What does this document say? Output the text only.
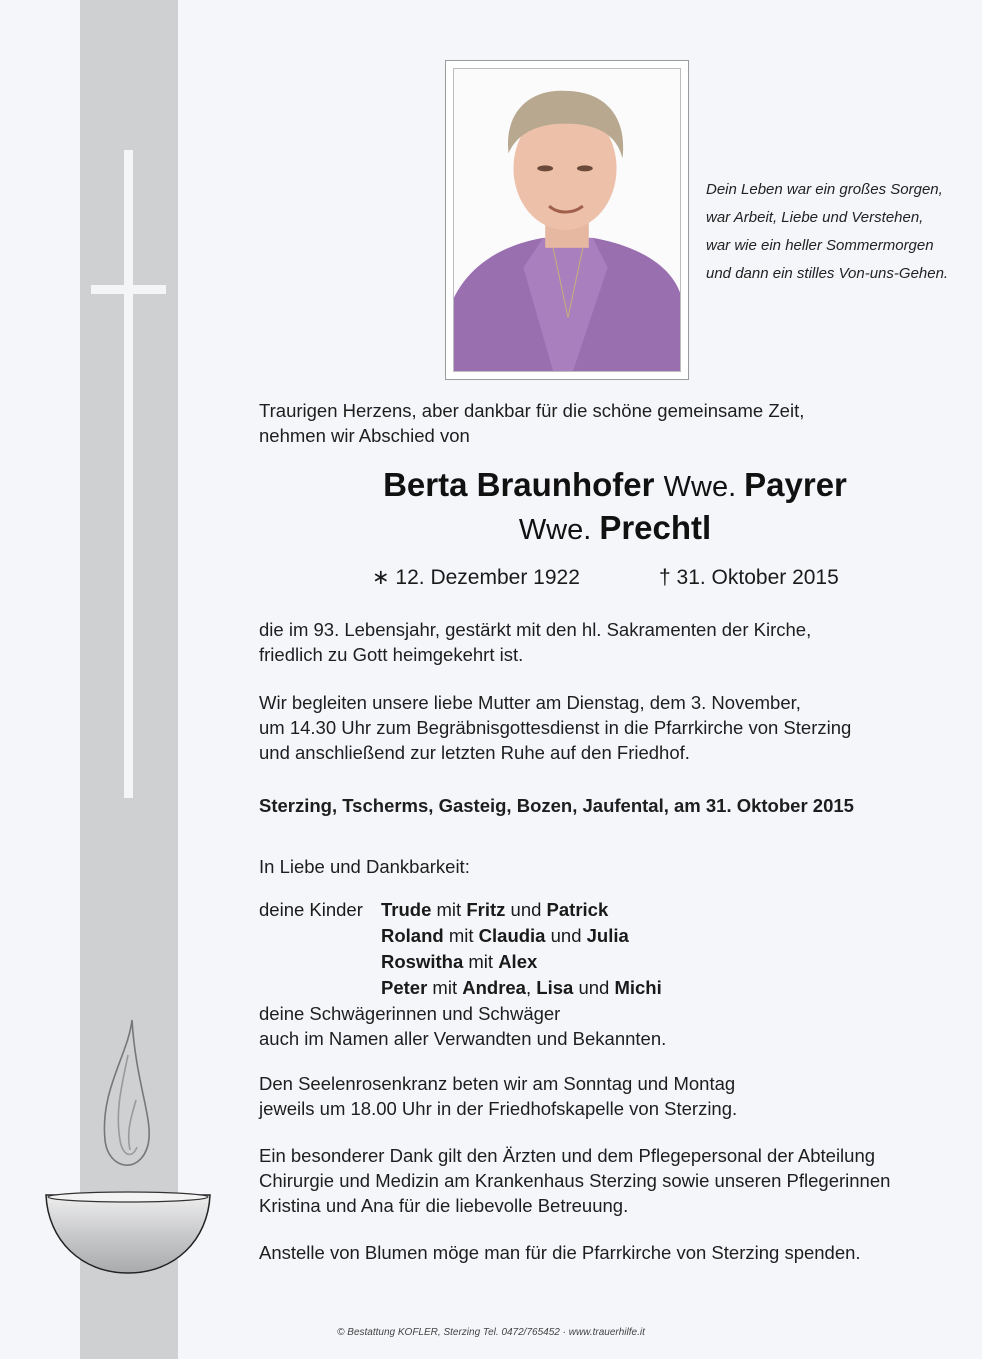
Dein Leben war ein großes Sorgen,
war Arbeit, Liebe und Verstehen,
war wie ein heller Sommermorgen
und dann ein stilles Von-uns-Gehen.
Traurigen Herzens, aber dankbar für die schöne gemeinsame Zeit,
nehmen wir Abschied von
Berta Braunhofer Wwe. Payrer
Wwe. Prechtl
∗ 12. Dezember 1922	† 31. Oktober 2015
die im 93. Lebensjahr, gestärkt mit den hl. Sakramenten der Kirche,
friedlich zu Gott heimgekehrt ist.
Wir begleiten unsere liebe Mutter am Dienstag, dem 3. November,
um 14.30 Uhr zum Begräbnisgottesdienst in die Pfarrkirche von Sterzing
und anschließend zur letzten Ruhe auf den Friedhof.
Sterzing, Tscherms, Gasteig, Bozen, Jaufental, am 31. Oktober 2015
In Liebe und Dankbarkeit:
deine Kinder Trude mit Fritz und Patrick
Roland mit Claudia und Julia
Roswitha mit Alex
Peter mit Andrea, Lisa und Michi
deine Schwägerinnen und Schwäger
auch im Namen aller Verwandten und Bekannten.
Den Seelenrosenkranz beten wir am Sonntag und Montag
jeweils um 18.00 Uhr in der Friedhofskapelle von Sterzing.
Ein besonderer Dank gilt den Ärzten und dem Pflegepersonal der Abteilung
Chirurgie und Medizin am Krankenhaus Sterzing sowie unseren Pflegerinnen
Kristina und Ana für die liebevolle Betreuung.
Anstelle von Blumen möge man für die Pfarrkirche von Sterzing spenden.
© Bestattung KOFLER, Sterzing Tel. 0472/765452 · www.trauerhilfe.it
